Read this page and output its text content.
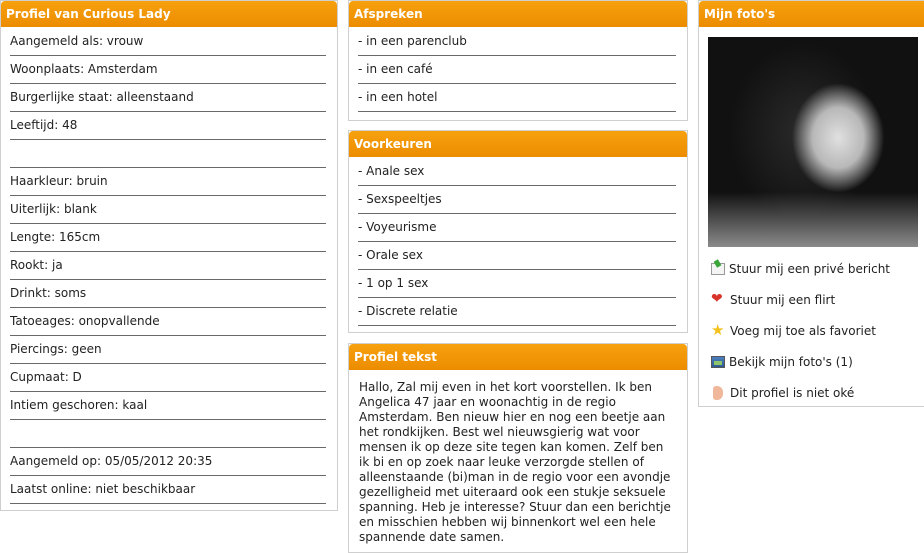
Profiel van Curious Lady
Aangemeld als: vrouw
Woonplaats: Amsterdam
Burgerlijke staat: alleenstaand
Leeftijd: 48
Haarkleur: bruin
Uiterlijk: blank
Lengte: 165cm
Rookt: ja
Drinkt: soms
Tatoeages: onopvallende
Piercings: geen
Cupmaat: D
Intiem geschoren: kaal
Aangemeld op: 05/05/2012 20:35
Laatst online: niet beschikbaar
Afspreken
- in een parenclub
- in een café
- in een hotel
Voorkeuren
- Anale sex
- Sexspeeltjes
- Voyeurisme
- Orale sex
- 1 op 1 sex
- Discrete relatie
Profiel tekst
Hallo, Zal mij even in het kort voorstellen. Ik ben Angelica 47 jaar en woonachtig in de regio Amsterdam. Ben nieuw hier en nog een beetje aan het rondkijken. Best wel nieuwsgierig wat voor mensen ik op deze site tegen kan komen. Zelf ben ik bi en op zoek naar leuke verzorgde stellen of alleenstaande (bi)man in de regio voor een avondje gezelligheid met uiteraard ook een stukje seksuele spanning. Heb je interesse? Stuur dan een berichtje en misschien hebben wij binnenkort wel een hele spannende date samen.
Mijn foto's
Stuur mij een privé bericht
❤ Stuur mij een flirt
★ Voeg mij toe als favoriet
Bekijk mijn foto's (1)
Dit profiel is niet oké
